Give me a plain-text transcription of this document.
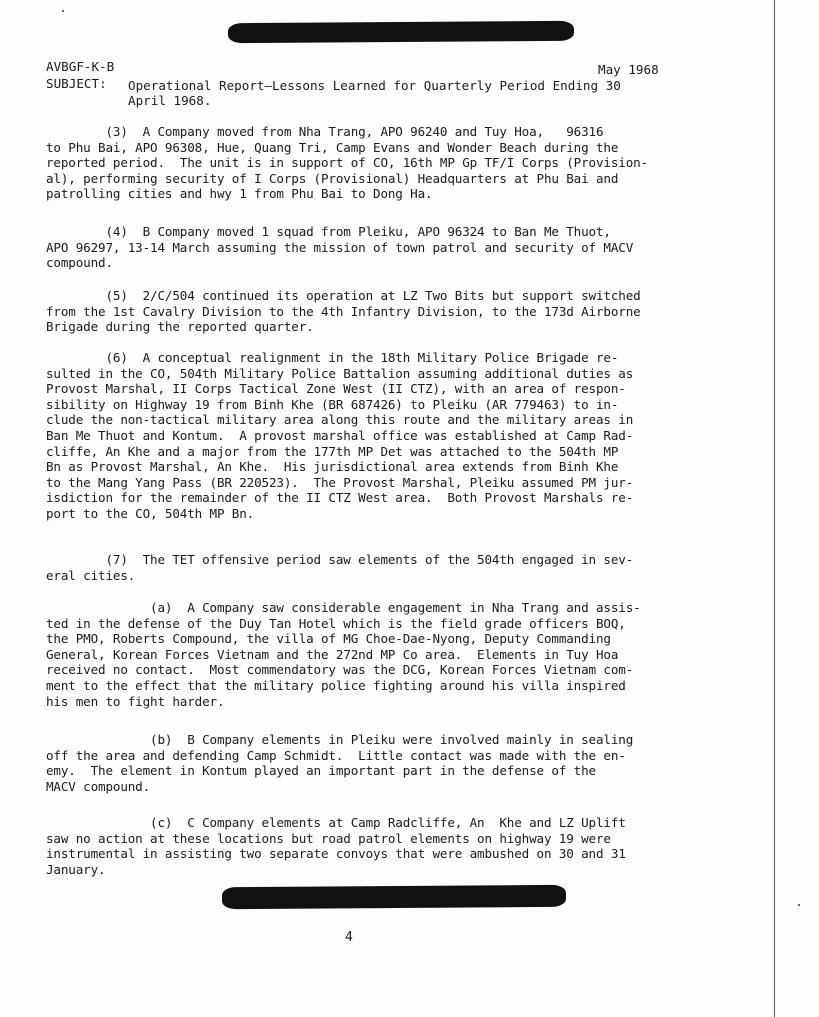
AVBGF-K-B	May 1968
SUBJECT: Operational Report—Lessons Learned for Quarterly Period Ending 30
April 1968.
(3)  A Company moved from Nha Trang, APO 96240 and Tuy Hoa,   96316
to Phu Bai, APO 96308, Hue, Quang Tri, Camp Evans and Wonder Beach during the
reported period.  The unit is in support of CO, 16th MP Gp TF/I Corps (Provision-
al), performing security of I Corps (Provisional) Headquarters at Phu Bai and
patrolling cities and hwy 1 from Phu Bai to Dong Ha.
(4)  B Company moved 1 squad from Pleiku, APO 96324 to Ban Me Thuot,
APO 96297, 13-14 March assuming the mission of town patrol and security of MACV
compound.
(5)  2/C/504 continued its operation at LZ Two Bits but support switched
from the 1st Cavalry Division to the 4th Infantry Division, to the 173d Airborne
Brigade during the reported quarter.
(6)  A conceptual realignment in the 18th Military Police Brigade re-
sulted in the CO, 504th Military Police Battalion assuming additional duties as
Provost Marshal, II Corps Tactical Zone West (II CTZ), with an area of respon-
sibility on Highway 19 from Binh Khe (BR 687426) to Pleiku (AR 779463) to in-
clude the non-tactical military area along this route and the military areas in
Ban Me Thuot and Kontum.  A provost marshal office was established at Camp Rad-
cliffe, An Khe and a major from the 177th MP Det was attached to the 504th MP
Bn as Provost Marshal, An Khe.  His jurisdictional area extends from Binh Khe
to the Mang Yang Pass (BR 220523).  The Provost Marshal, Pleiku assumed PM jur-
isdiction for the remainder of the II CTZ West area.  Both Provost Marshals re-
port to the CO, 504th MP Bn.
(7)  The TET offensive period saw elements of the 504th engaged in sev-
eral cities.
(a)  A Company saw considerable engagement in Nha Trang and assis-
ted in the defense of the Duy Tan Hotel which is the field grade officers BOQ,
the PMO, Roberts Compound, the villa of MG Choe-Dae-Nyong, Deputy Commanding
General, Korean Forces Vietnam and the 272nd MP Co area.  Elements in Tuy Hoa
received no contact.  Most commendatory was the DCG, Korean Forces Vietnam com-
ment to the effect that the military police fighting around his villa inspired
his men to fight harder.
(b)  B Company elements in Pleiku were involved mainly in sealing
off the area and defending Camp Schmidt.  Little contact was made with the en-
emy.  The element in Kontum played an important part in the defense of the
MACV compound.
(c)  C Company elements at Camp Radcliffe, An  Khe and LZ Uplift
saw no action at these locations but road patrol elements on highway 19 were
instrumental in assisting two separate convoys that were ambushed on 30 and 31
January.
4
